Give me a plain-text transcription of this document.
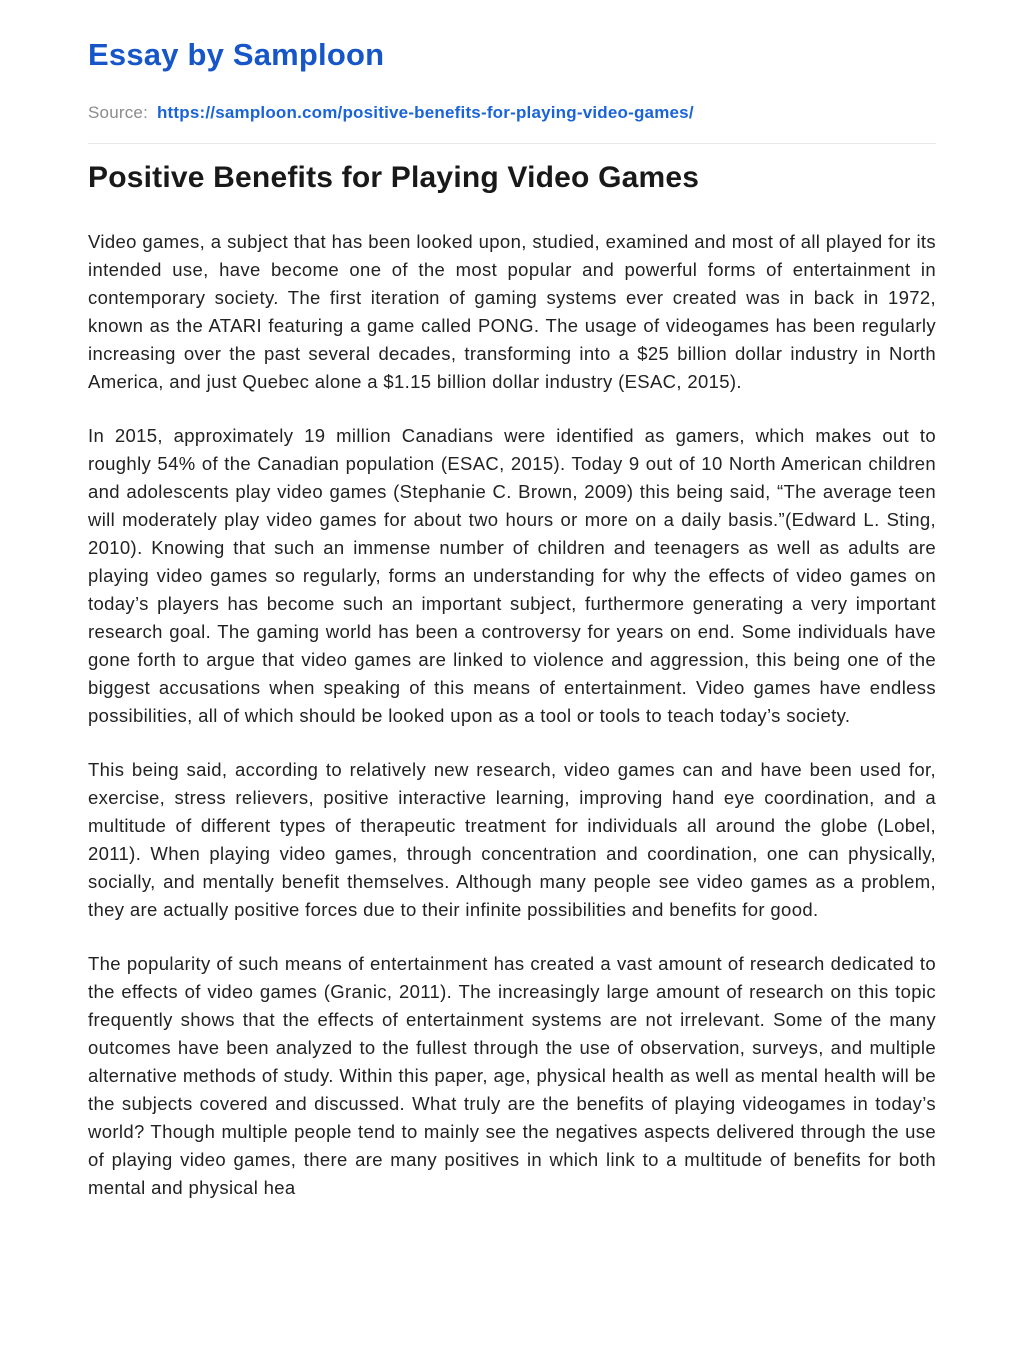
Essay by Samploon

Source: https://samploon.com/positive-benefits-for-playing-video-games/

Positive Benefits for Playing Video Games

Video games, a subject that has been looked upon, studied, examined and most of all played for its intended use, have become one of the most popular and powerful forms of entertainment in contemporary society. The first iteration of gaming systems ever created was in back in 1972, known as the ATARI featuring a game called PONG. The usage of videogames has been regularly increasing over the past several decades, transforming into a $25 billion dollar industry in North America, and just Quebec alone a $1.15 billion dollar industry (ESAC, 2015).

In 2015, approximately 19 million Canadians were identified as gamers, which makes out to roughly 54% of the Canadian population (ESAC, 2015). Today 9 out of 10 North American children and adolescents play video games (Stephanie C. Brown, 2009) this being said, “The average teen will moderately play video games for about two hours or more on a daily basis.”(Edward L. Sting, 2010). Knowing that such an immense number of children and teenagers as well as adults are playing video games so regularly, forms an understanding for why the effects of video games on today’s players has become such an important subject, furthermore generating a very important research goal. The gaming world has been a controversy for years on end. Some individuals have gone forth to argue that video games are linked to violence and aggression, this being one of the biggest accusations when speaking of this means of entertainment. Video games have endless possibilities, all of which should be looked upon as a tool or tools to teach today’s society.

This being said, according to relatively new research, video games can and have been used for, exercise, stress relievers, positive interactive learning, improving hand eye coordination, and a multitude of different types of therapeutic treatment for individuals all around the globe (Lobel, 2011). When playing video games, through concentration and coordination, one can physically, socially, and mentally benefit themselves. Although many people see video games as a problem, they are actually positive forces due to their infinite possibilities and benefits for good.

The popularity of such means of entertainment has created a vast amount of research dedicated to the effects of video games (Granic, 2011). The increasingly large amount of research on this topic frequently shows that the effects of entertainment systems are not irrelevant. Some of the many outcomes have been analyzed to the fullest through the use of observation, surveys, and multiple alternative methods of study. Within this paper, age, physical health as well as mental health will be the subjects covered and discussed. What truly are the benefits of playing videogames in today’s world? Though multiple people tend to mainly see the negatives aspects delivered through the use of playing video games, there are many positives in which link to a multitude of benefits for both mental and physical hea
